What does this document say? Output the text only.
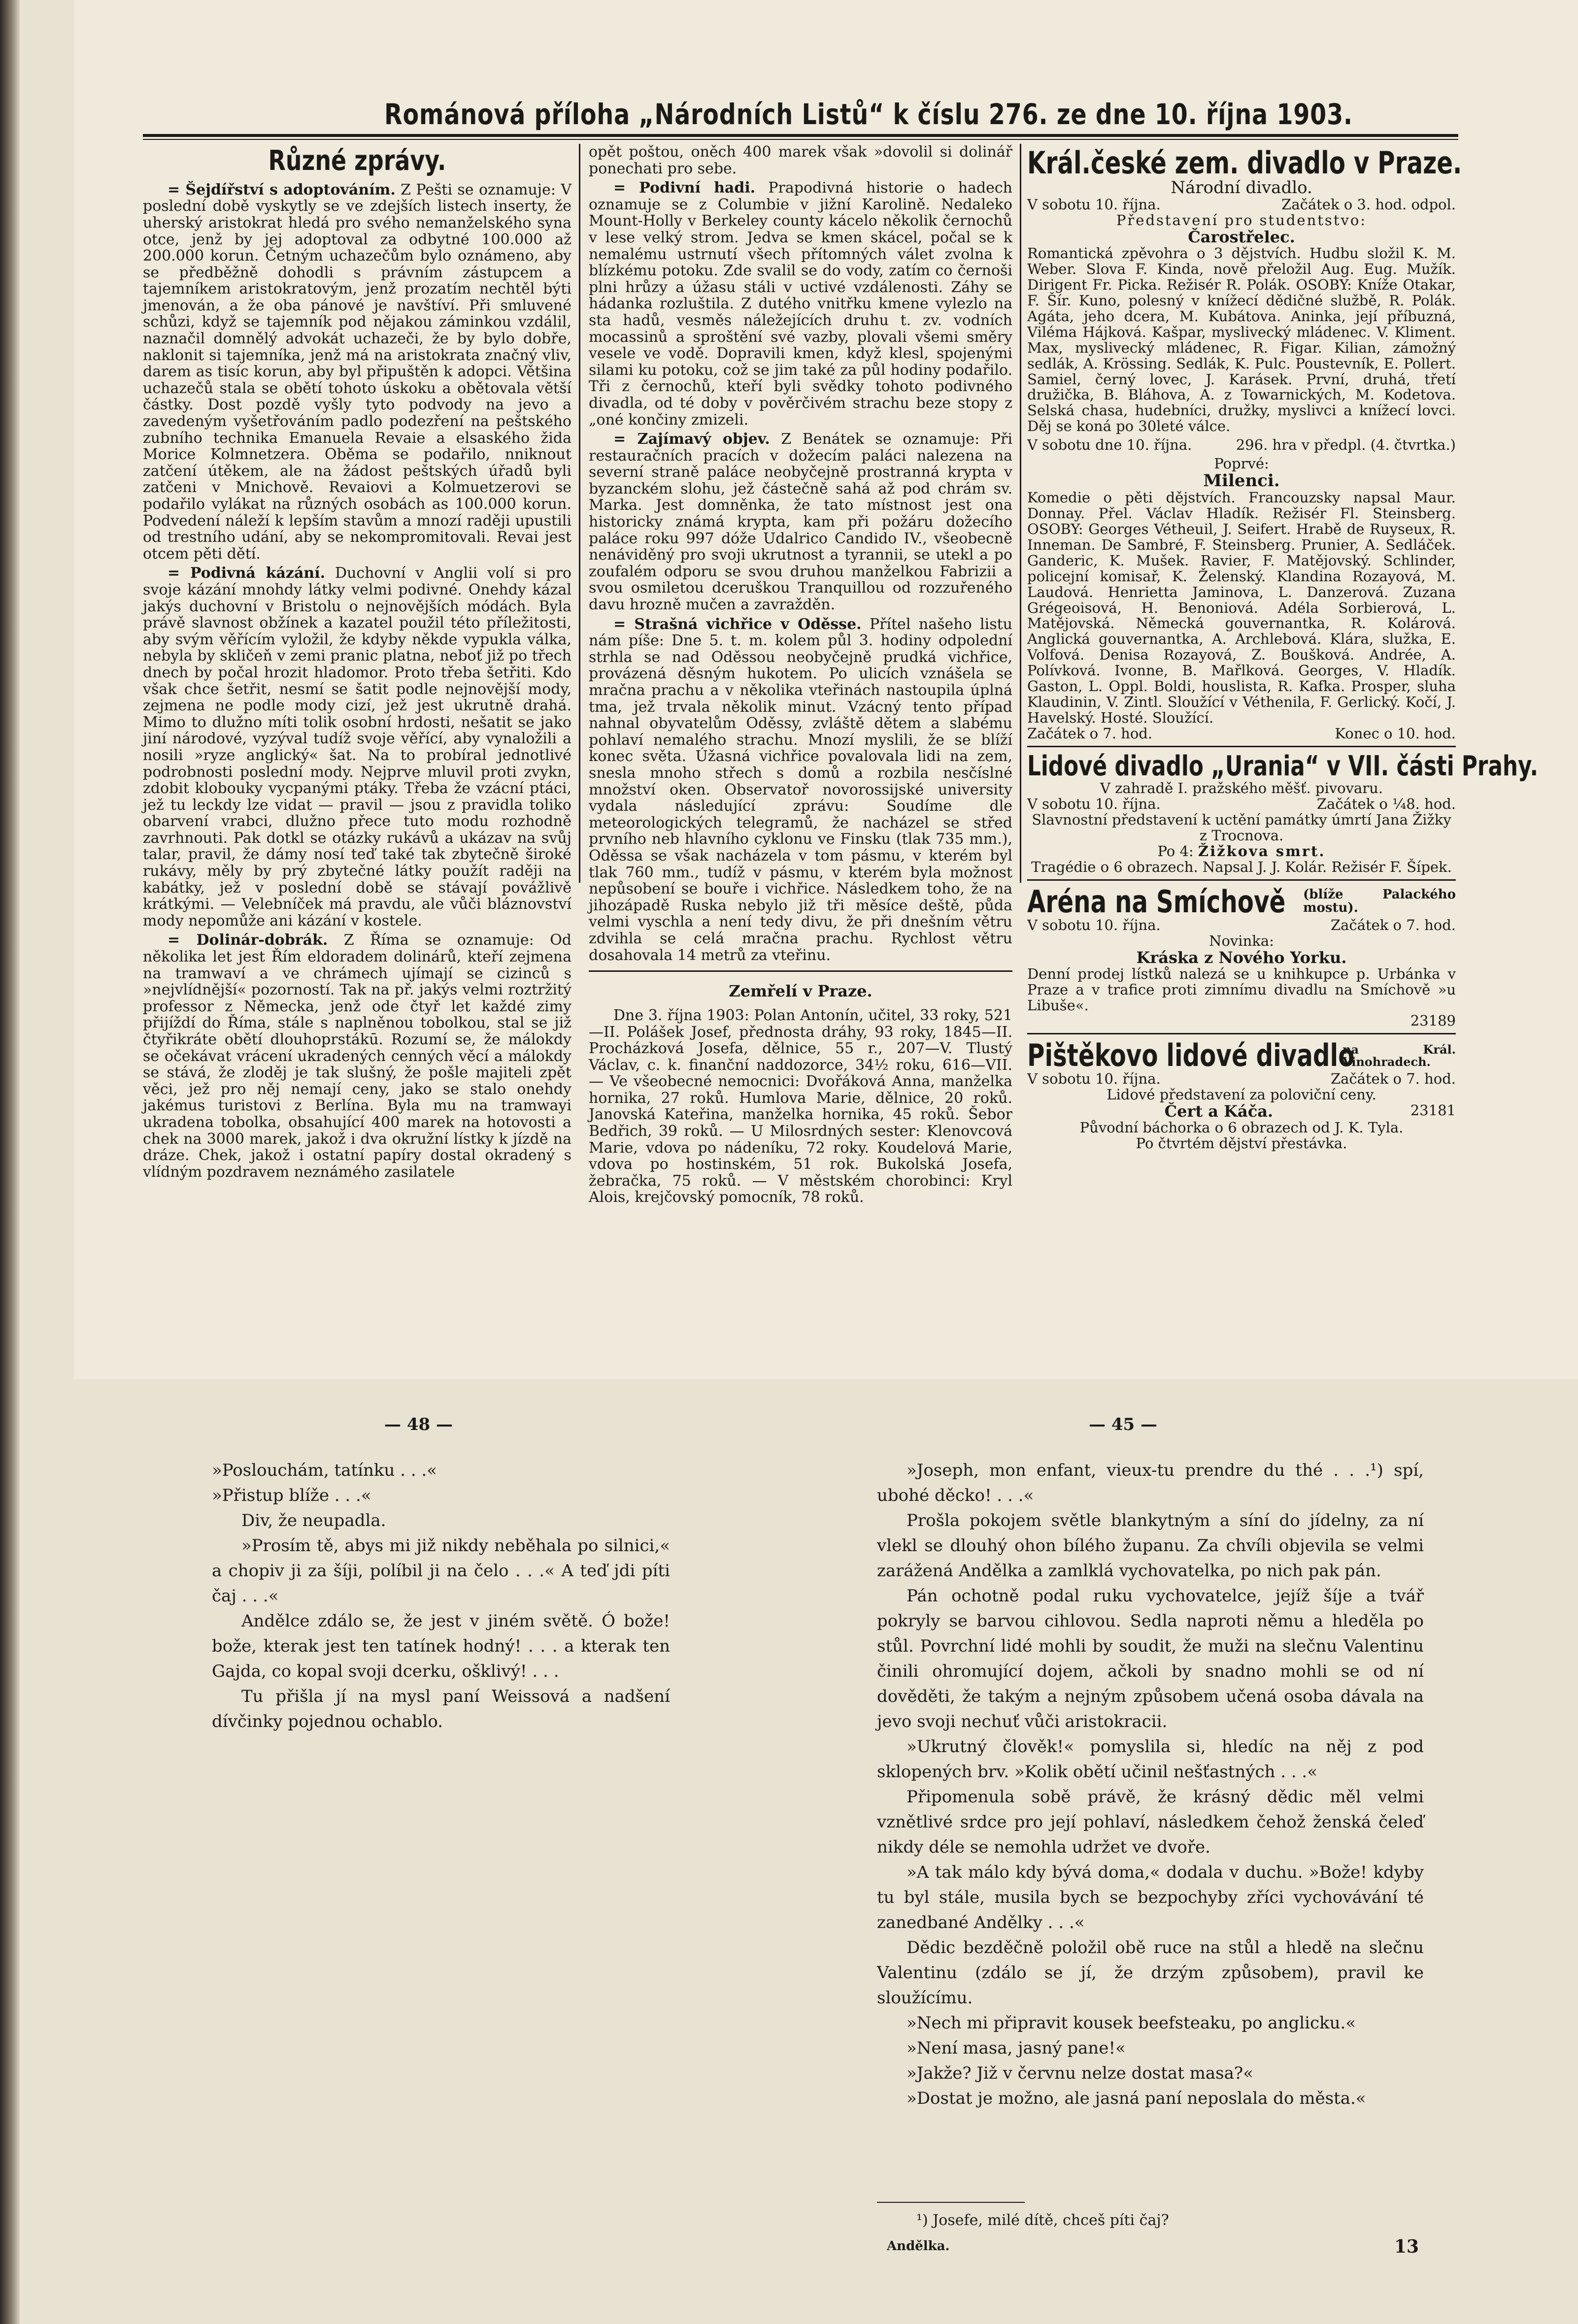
Románová příloha „Národních Listů“ k číslu 276. ze dne 10. října 1903.
Různé zprávy.

= Šejdířství s adoptováním. Z Pešti se oznamuje: V poslední době vyskytly se ve zdejších listech inserty, že uherský aristokrat hledá pro svého nemanželského syna otce, jenž by jej adoptoval za odbytné 100.000 až 200.000 korun. Četným uchazečům bylo oznámeno, aby se předběžně dohodli s právním zástupcem a tajemníkem aristokratovým, jenž prozatím nechtěl býti jmenován, a že oba pánové je navštíví. Při smluvené schůzi, když se tajemník pod nějakou záminkou vzdálil, naznačil domnělý advokát uchazeči, že by bylo dobře, naklonit si tajemníka, jenž má na aristokrata značný vliv, darem as tisíc korun, aby byl připuštěn k adopci. Většina uchazečů stala se obětí tohoto úskoku a obětovala větší částky. Dost pozdě vyšly tyto podvody na jevo a zavedeným vyšetřováním padlo podezření na peštského zubního technika Emanuela Revaie a elsaského žida Morice Kolmnetzera. Oběma se podařilo, nniknout zatčení útěkem, ale na žádost peštských úřadů byli zatčeni v Mnichově. Revaiovi a Kolmuetzerovi se podařilo vylákat na různých osobách as 100.000 korun. Podvedení náleží k lepším stavům a mnozí raději upustili od trestního udání, aby se nekompromitovali. Revai jest otcem pěti dětí.

= Podivná kázání. Duchovní v Anglii volí si pro svoje kázání mnohdy látky velmi podivné. Onehdy kázal jakýs duchovní v Bristolu o nejnovějších módách. Byla právě slavnost obžínek a kazatel použil této příležitosti, aby svým věřícím vyložil, že kdyby někde vypukla válka, nebyla by skličeň v zemi pranic platna, neboť již po třech dnech by počal hrozit hladomor. Proto třeba šetřiti. Kdo však chce šetřit, nesmí se šatit podle nejnovější mody, zejmena ne podle mody cizí, jež jest ukrutně drahá. Mimo to dlužno míti tolik osobní hrdosti, nešatit se jako jiní národové, vyzýval tudíž svoje věřící, aby vynaložili a nosili »ryze anglický« šat. Na to probíral jednotlivé podrobnosti poslední mody. Nejprve mluvil proti zvykn, zdobit klobouky vycpanými ptáky. Třeba že vzácní ptáci, jež tu leckdy lze vidat — pravil — jsou z pravidla toliko obarvení vrabci, dlužno přece tuto modu rozhodně zavrhnouti. Pak dotkl se otázky rukávů a ukázav na svůj talar, pravil, že dámy nosí teď také tak zbytečně široké rukávy, měly by prý zbytečné látky použít raději na kabátky, jež v poslední době se stávají povážlivě krátkými. — Velebníček má pravdu, ale vůči bláznovství mody nepomůže ani kázání v kostele.

= Dolinár-dobrák. Z Říma se oznamuje: Od několika let jest Řím eldoradem dolinárů, kteří zejmena na tramwaví a ve chrámech ujímají se cizinců s »nejvlídnější« pozorností. Tak na př. jakýs velmi roztržitý professor z Německa, jenž ode čtyř let každé zimy přijíždí do Říma, stále s naplněnou tobolkou, stal se již čtyřikráte obětí dlouhoprstákū. Rozumí se, že málokdy se očekávat vrácení ukradených cenných věcí a málokdy se stává, že zloděj je tak slušný, že pošle majiteli zpět věci, jež pro něj nemají ceny, jako se stalo onehdy jakémus turistovi z Berlína. Byla mu na tramwayi ukradena tobolka, obsahující 400 marek na hotovosti a chek na 3000 marek, jakož i dva okružní lístky k jízdě na dráze. Chek, jakož i ostatní papíry dostal okradený s vlídným pozdravem neznámého zasilatele

opět poštou, oněch 400 marek však »dovolil si dolinář ponechati pro sebe.

= Podivní hadi. Prapodivná historie o hadech oznamuje se z Columbie v jižní Karolině. Nedaleko Mount-Holly v Berkeley county kácelo několik černochů v lese velký strom. Jedva se kmen skácel, počal se k nemalému ustrnutí všech přítomných válet zvolna k blízkému potoku. Zde svalil se do vody, zatím co černoši plni hrůzy a úžasu stáli v uctivé vzdálenosti. Záhy se hádanka rozluštila. Z dutého vnitřku kmene vylezlo na sta hadů, vesměs náležejících druhu t. zv. vodních mocassinů a sproštění své vazby, plovali všemi směry vesele ve vodě. Dopravili kmen, když klesl, spojenými silami ku potoku, což se jim také za půl hodiny podařilo. Tři z černochů, kteří byli svědky tohoto podivného divadla, od té doby v pověrčivém strachu beze stopy z „oné končiny zmizeli.

= Zajímavý objev. Z Benátek se oznamuje: Při restauračních pracích v dožecím paláci nalezena na severní straně paláce neobyčejně prostranná krypta v byzanckém slohu, jež částečně sahá až pod chrám sv. Marka. Jest domněnka, že tato místnost jest ona historicky známá krypta, kam při požáru dožecího paláce roku 997 dóže Udalrico Candido IV., všeobecně nenáviděný pro svoji ukrutnost a tyrannii, se utekl a po zoufalém odporu se svou druhou manželkou Fabrizii a svou osmiletou dceruškou Tranquillou od rozzuřeného davu hrozně mučen a zavražděn.

= Strašná vichřice v Oděsse. Přítel našeho listu nám píše: Dne 5. t. m. kolem půl 3. hodiny odpolední strhla se nad Oděssou neobyčejně prudká vichřice, provázená děsným hukotem. Po ulicích vznášela se mračna prachu a v několika vteřinách nastoupila úplná tma, jež trvala několik minut. Vzácný tento případ nahnal obyvatelům Oděssy, zvláště dětem a slabému pohlaví nemalého strachu. Mnozí myslili, že se blíží konec světa. Úžasná vichřice povalovala lidi na zem, snesla mnoho střech s domů a rozbila nesčíslné množství oken. Observatoř novorossijské university vydala následující zprávu: Soudíme dle meteorologických telegramů, že nacházel se střed prvního neb hlavního cyklonu ve Finsku (tlak 735 mm.), Oděssa se však nacházela v tom pásmu, v kterém byl tlak 760 mm., tudíž v pásmu, v kterém byla možnost nepůsobení se bouře i vichřice. Následkem toho, že na jihozápadě Ruska nebylo již tři měsíce deště, půda velmi vyschla a není tedy divu, že při dnešním větru zdvihla se celá mračna prachu. Rychlost větru dosahovala 14 metrů za vteřinu.

Zemřelí v Praze.

Dne 3. října 1903: Polan Antonín, učitel, 33 roky, 521—II. Polášek Josef, přednosta dráhy, 93 roky, 1845—II. Procházková Josefa, dělnice, 55 r., 207—V. Tlustý Václav, c. k. finanční naddozorce, 34½ roku, 616—VII. — Ve všeobecné nemocnici: Dvořáková Anna, manželka hornika, 27 roků. Humlova Marie, dělnice, 20 roků. Janovská Kateřina, manželka hornika, 45 roků. Šebor Bedřich, 39 roků. — U Milosrdných sester: Klenovcová Marie, vdova po nádeníku, 72 roky. Koudelová Marie, vdova po hostinském, 51 rok. Bukolská Josefa, žebračka, 75 roků. — V městském chorobinci: Kryl Alois, krejčovský pomocník, 78 roků.

Král.české zem. divadlo v Praze.
Národní divadlo.
V sobotu 10. října.	Začátek o 3. hod. odpol.
Představení pro studentstvo:
Čarostřelec.
Romantická zpěvohra o 3 dějstvích. Hudbu složil K. M. Weber. Slova F. Kinda, nově přeložil Aug. Eug. Mužík. Dirigent Fr. Picka. Režisér R. Polák. OSOBY: Kníže Otakar, F. Šír. Kuno, polesný v knížecí dědičné službě, R. Polák. Agáta, jeho dcera, M. Kubátova. Aninka, její příbuzná, Viléma Hájková. Kašpar, myslivecký mládenec. V. Kliment. Max, myslivecký mládenec, R. Figar. Kilian, zámožný sedlák, A. Krössing. Sedlák, K. Pulc. Poustevník, E. Pollert. Samiel, černý lovec, J. Karásek. První, druhá, třetí družička, B. Bláhova, A. z Towarnických, M. Kodetova. Selská chasa, hudebníci, družky, myslivci a knížecí lovci. Děj se koná po 30leté válce.
V sobotu dne 10. října.	296. hra v předpl. (4. čtvrtka.)
Poprvé:
Milenci.
Komedie o pěti dějstvích. Francouzsky napsal Maur. Donnay. Přel. Václav Hladík. Režisér Fl. Steinsberg. OSOBY: Georges Vétheuil, J. Seifert. Hrabě de Ruyseux, R. Inneman. De Sambré, F. Steinsberg. Prunier, A. Sedláček. Ganderic, K. Mušek. Ravier, F. Matějovský. Schlinder, policejní komisař, K. Želenský. Klandina Rozayová, M. Laudová. Henrietta Jaminova, L. Danzerová. Zuzana Grégeoisová, H. Benoniová. Adéla Sorbierová, L. Matějovská. Německá gouvernantka, R. Kolárová. Anglická gouvernantka, A. Archlebová. Klára, služka, E. Volfová. Denisa Rozayová, Z. Boušková. Andrée, A. Polívková. Ivonne, B. Mařlková. Georges, V. Hladík. Gaston, L. Oppl. Boldi, houslista, R. Kafka. Prosper, sluha Klaudinin, V. Zintl. Sloužící v Véthenila, F. Gerlický. Kočí, J. Havelský. Hosté. Sloužící.
Začátek o 7. hod.	Konec o 10. hod.
Lidové divadlo „Urania“ v VII. části Prahy.
V zahradě I. pražského měšť. pivovaru.
V sobotu 10. října.	Začátek o ¼8. hod.
Slavnostní představení k uctění památky úmrtí Jana Žižky z Trocnova.
Po 4: Žižkova smrt.
Tragédie o 6 obrazech. Napsal J. J. Kolár. Režisér F. Šípek.
Aréna na Smíchově (blíže Palackého mostu).
V sobotu 10. října.	Začátek o 7. hod.
Novinka:
Kráska z Nového Yorku.
Denní prodej lístků nalezá se u knihkupce p. Urbánka v Praze a v trafice proti zimnímu divadlu na Smíchově »u Libuše«.
23189
Pištěkovo lidové divadlo
na Král. Vinohradech.
V sobotu 10. října.	Začátek o 7. hod.
Lidové představení za poloviční ceny.
Čert a Káča.	23181
Původní báchorka o 6 obrazech od J. K. Tyla.
Po čtvrtém dějství přestávka.
— 48 —

»Poslouchám, tatínku . . .«

»Přistup blíže . . .«

Div, že neupadla.

»Prosím tě, abys mi již nikdy neběhala po silnici,« a chopiv ji za šíji, políbil ji na čelo . . .« A teď jdi píti čaj . . .«

Andělce zdálo se, že jest v jiném světě. Ó bože! bože, kterak jest ten tatínek hodný! . . . a kterak ten Gajda, co kopal svoji dcerku, ošklivý! . . .

Tu přišla jí na mysl paní Weissová a nadšení dívčinky pojednou ochablo.

— 45 —

»Joseph, mon enfant, vieux-tu prendre du thé . . .¹) spí, ubohé děcko! . . .«

Prošla pokojem světle blankytným a síní do jídelny, za ní vlekl se dlouhý ohon bílého županu. Za chvíli objevila se velmi zarážená Andělka a zamlklá vychovatelka, po nich pak pán.

Pán ochotně podal ruku vychovatelce, jejíž šíje a tvář pokryly se barvou cihlovou. Sedla naproti němu a hleděla po stůl. Povrchní lidé mohli by soudit, že muži na slečnu Valentinu činili ohromující dojem, ačkoli by snadno mohli se od ní dověděti, že takým a nejným způsobem učená osoba dávala na jevo svoji nechuť vůči aristokracii.

»Ukrutný člověk!« pomyslila si, hledíc na něj z pod sklopených brv. »Kolik obětí učinil nešťastných . . .«

Připomenula sobě právě, že krásný dědic měl velmi vznětlivé srdce pro její pohlaví, následkem čehož ženská čeleď nikdy déle se nemohla udržet ve dvoře.

»A tak málo kdy bývá doma,« dodala v duchu. »Bože! kdyby tu byl stále, musila bych se bezpochyby zříci vychovávání té zanedbané Andělky . . .«

Dědic bezděčně položil obě ruce na stůl a hledě na slečnu Valentinu (zdálo se jí, že drzým způsobem), pravil ke sloužícímu.

»Nech mi připravit kousek beefsteaku, po anglicku.«

»Není masa, jasný pane!«

»Jakže? Již v červnu nelze dostat masa?«

»Dostat je možno, ale jasná paní neposlala do města.«

¹) Josefe, milé dítě, chceš píti čaj?
Andělka.	13
